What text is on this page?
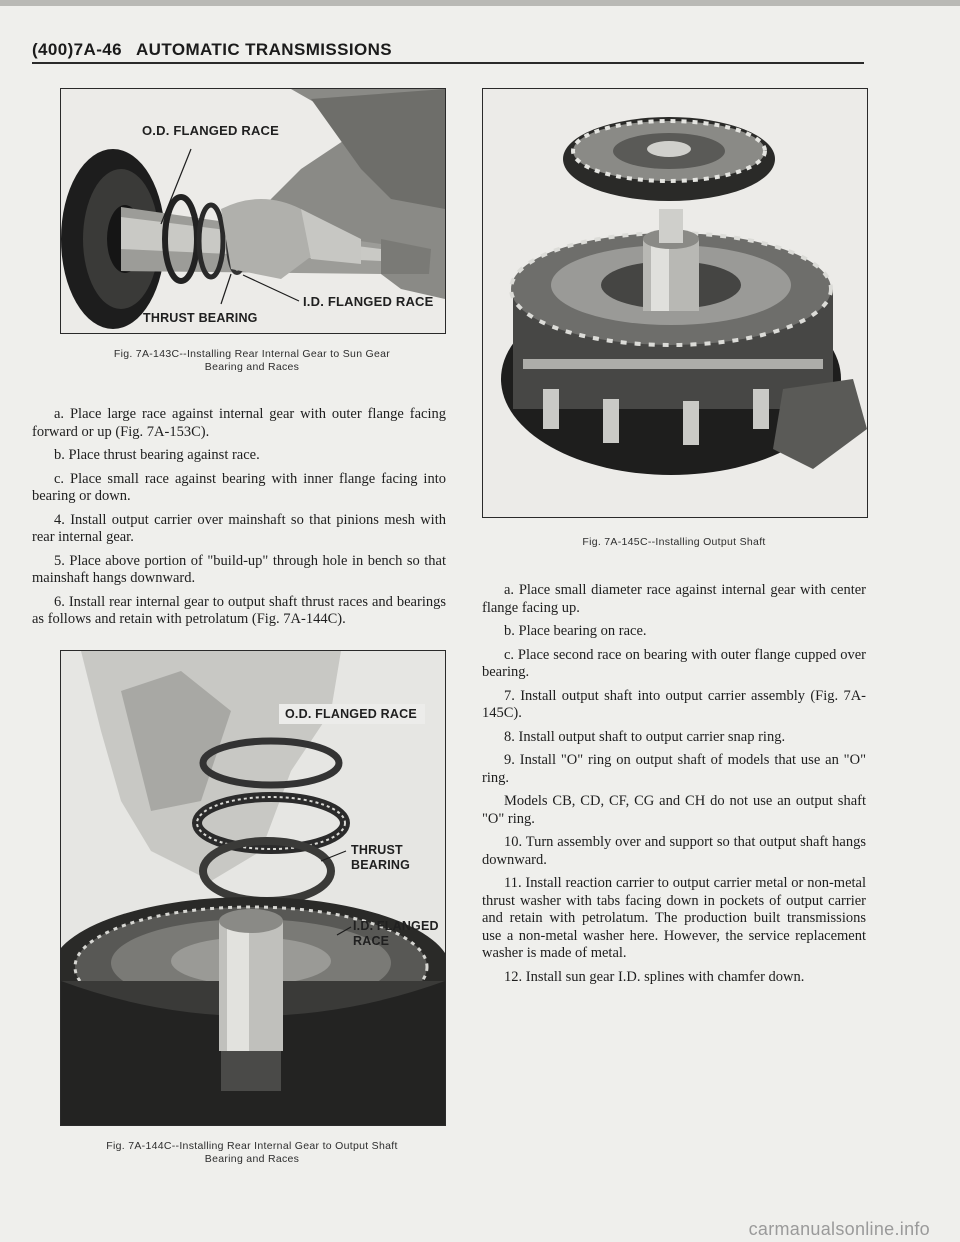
(400)7A-46 AUTOMATIC TRANSMISSIONS
O.D. FLANGED RACE
I.D. FLANGED RACE
THRUST BEARING
Fig. 7A-143C--Installing Rear Internal Gear to Sun Gear
Bearing and Races

a. Place large race against internal gear with outer flange facing forward or up (Fig. 7A-153C).

b. Place thrust bearing against race.

c. Place small race against bearing with inner flange facing into bearing or down.

4. Install output carrier over mainshaft so that pinions mesh with rear internal gear.

5. Place above portion of "build-up" through hole in bench so that mainshaft hangs downward.

6. Install rear internal gear to output shaft thrust races and bearings as follows and retain with petrolatum (Fig. 7A-144C).

O.D. FLANGED RACE
THRUST
BEARING
I.D. FLANGED
RACE
Fig. 7A-144C--Installing Rear Internal Gear to Output Shaft
Bearing and Races
Fig. 7A-145C--Installing Output Shaft

a. Place small diameter race against internal gear with center flange facing up.

b. Place bearing on race.

c. Place second race on bearing with outer flange cupped over bearing.

7. Install output shaft into output carrier assembly (Fig. 7A-145C).

8. Install output shaft to output carrier snap ring.

9. Install "O" ring on output shaft of models that use an "O" ring.

Models CB, CD, CF, CG and CH do not use an output shaft "O" ring.

10. Turn assembly over and support so that output shaft hangs downward.

11. Install reaction carrier to output carrier metal or non-metal thrust washer with tabs facing down in pockets of output carrier and retain with petrolatum. The production built transmissions use a non-metal washer here. However, the service replacement washer is made of metal.

12. Install sun gear I.D. splines with chamfer down.

carmanualsonline.info
